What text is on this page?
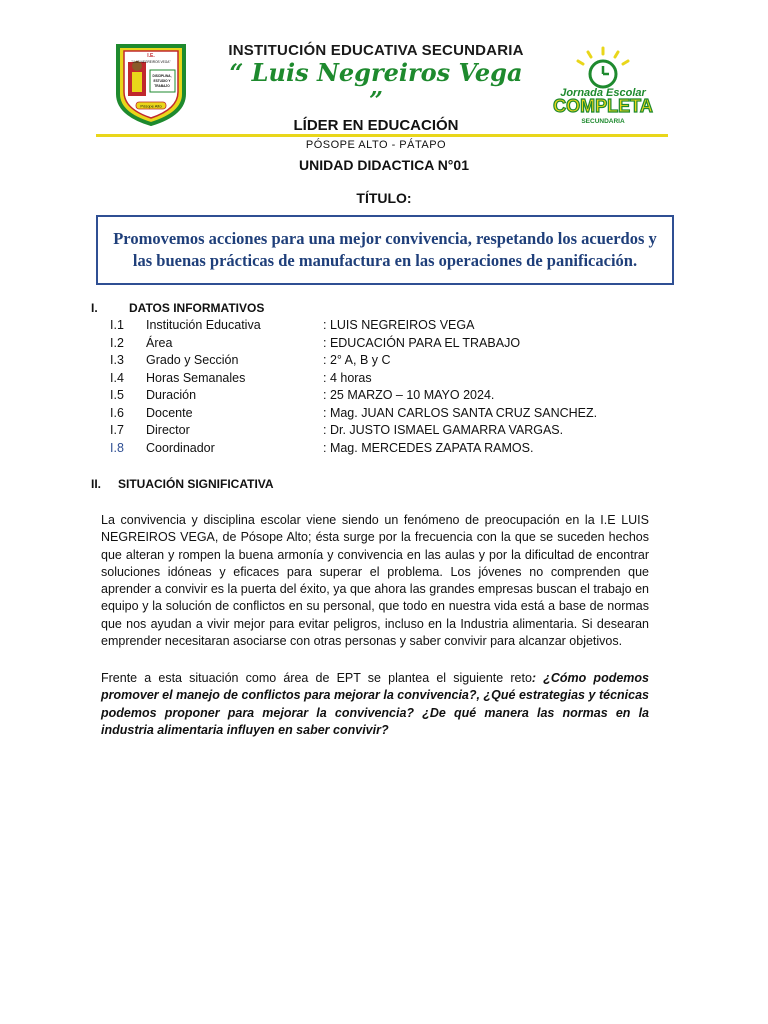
I.E.
"LUIS NEGREIROS VEGA"
DISCIPLINA,
ESTUDIO Y
TRABAJO
Pósope Alto
INSTITUCIÓN EDUCATIVA SECUNDARIA
“ Luis Negreiros Vega ”
LÍDER EN EDUCACIÓN
PÓSOPE ALTO - PÁTAPO
Jornada Escolar
COMPLETA
SECUNDARIA
UNIDAD DIDACTICA N°01
TÍTULO:
Promovemos acciones para una mejor convivencia, respetando los acuerdos y las buenas prácticas de manufactura en las operaciones de panificación.
I.	DATOS INFORMATIVOS
I.1 Institución Educativa	: LUIS NEGREIROS VEGA
I.2 Área	: EDUCACIÓN PARA EL TRABAJO
I.3 Grado y Sección	: 2° A, B y C
I.4 Horas Semanales	: 4 horas
I.5 Duración	: 25 MARZO – 10 MAYO 2024.
I.6 Docente	: Mag. JUAN CARLOS SANTA CRUZ SANCHEZ.
I.7 Director	: Dr. JUSTO ISMAEL GAMARRA VARGAS.
I.8 Coordinador	: Mag. MERCEDES ZAPATA RAMOS.
II. SITUACIÓN SIGNIFICATIVA
La convivencia y disciplina escolar viene siendo un fenómeno de preocupación en la I.E LUIS NEGREIROS VEGA, de Pósope Alto; ésta surge por la frecuencia con la que se suceden hechos que alteran y rompen la buena armonía y convivencia en las aulas y por la dificultad de encontrar soluciones idóneas y eficaces para superar el problema. Los jóvenes no comprenden que aprender a convivir es la puerta del éxito, ya que ahora las grandes empresas buscan el trabajo en equipo y la solución de conflictos en su personal, que todo en nuestra vida está a base de normas que nos ayudan a vivir mejor para evitar peligros, incluso en la Industria alimentaria. Si desearan emprender necesitaran asociarse con otras personas y saber convivir para alcanzar objetivos.
Frente a esta situación como área de EPT se plantea el siguiente reto: ¿Cómo podemos promover el manejo de conflictos para mejorar la convivencia?, ¿Qué estrategias y técnicas podemos proponer para mejorar la convivencia? ¿De qué manera las normas en la industria alimentaria influyen en saber convivir?
